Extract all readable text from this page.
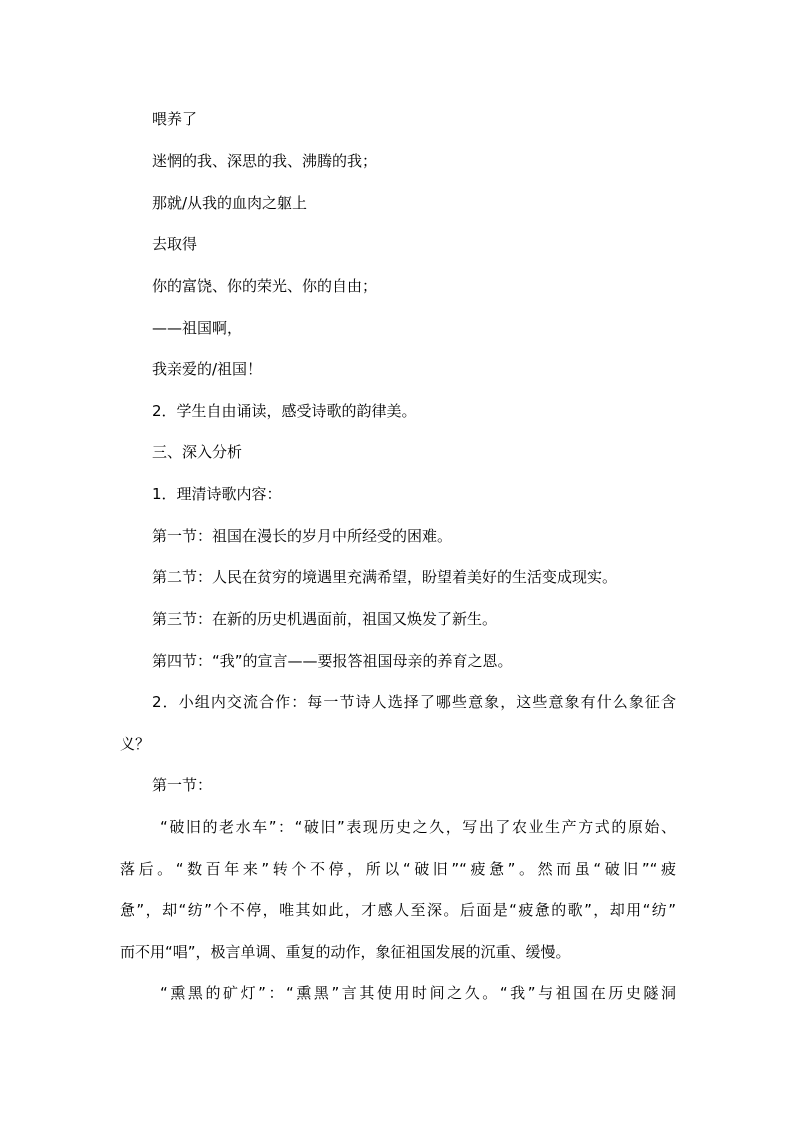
喂养了
迷惘的我、深思的我、沸腾的我；
那就/从我的血肉之躯上
去取得
你的富饶、你的荣光、你的自由；
——祖国啊，
我亲爱的/祖国！
2．学生自由诵读，感受诗歌的韵律美。
三、深入分析
1．理清诗歌内容：
第一节：祖国在漫长的岁月中所经受的困难。
第二节：人民在贫穷的境遇里充满希望，盼望着美好的生活变成现实。
第三节：在新的历史机遇面前，祖国又焕发了新生。
第四节：“我”的宣言——要报答祖国母亲的养育之恩。
2．小组内交流合作：每一节诗人选择了哪些意象，这些意象有什么象征含
义？
第一节：
“破旧的老水车”：“破旧”表现历史之久，写出了农业生产方式的原始、
落后。“数百年来”转个不停，所以“破旧”“疲惫”。然而虽“破旧”“疲
惫”，却“纺”个不停，唯其如此，才感人至深。后面是“疲惫的歌”，却用“纺”
而不用“唱”，极言单调、重复的动作，象征祖国发展的沉重、缓慢。
“熏黑的矿灯”：“熏黑”言其使用时间之久。“我”与祖国在历史隧洞
